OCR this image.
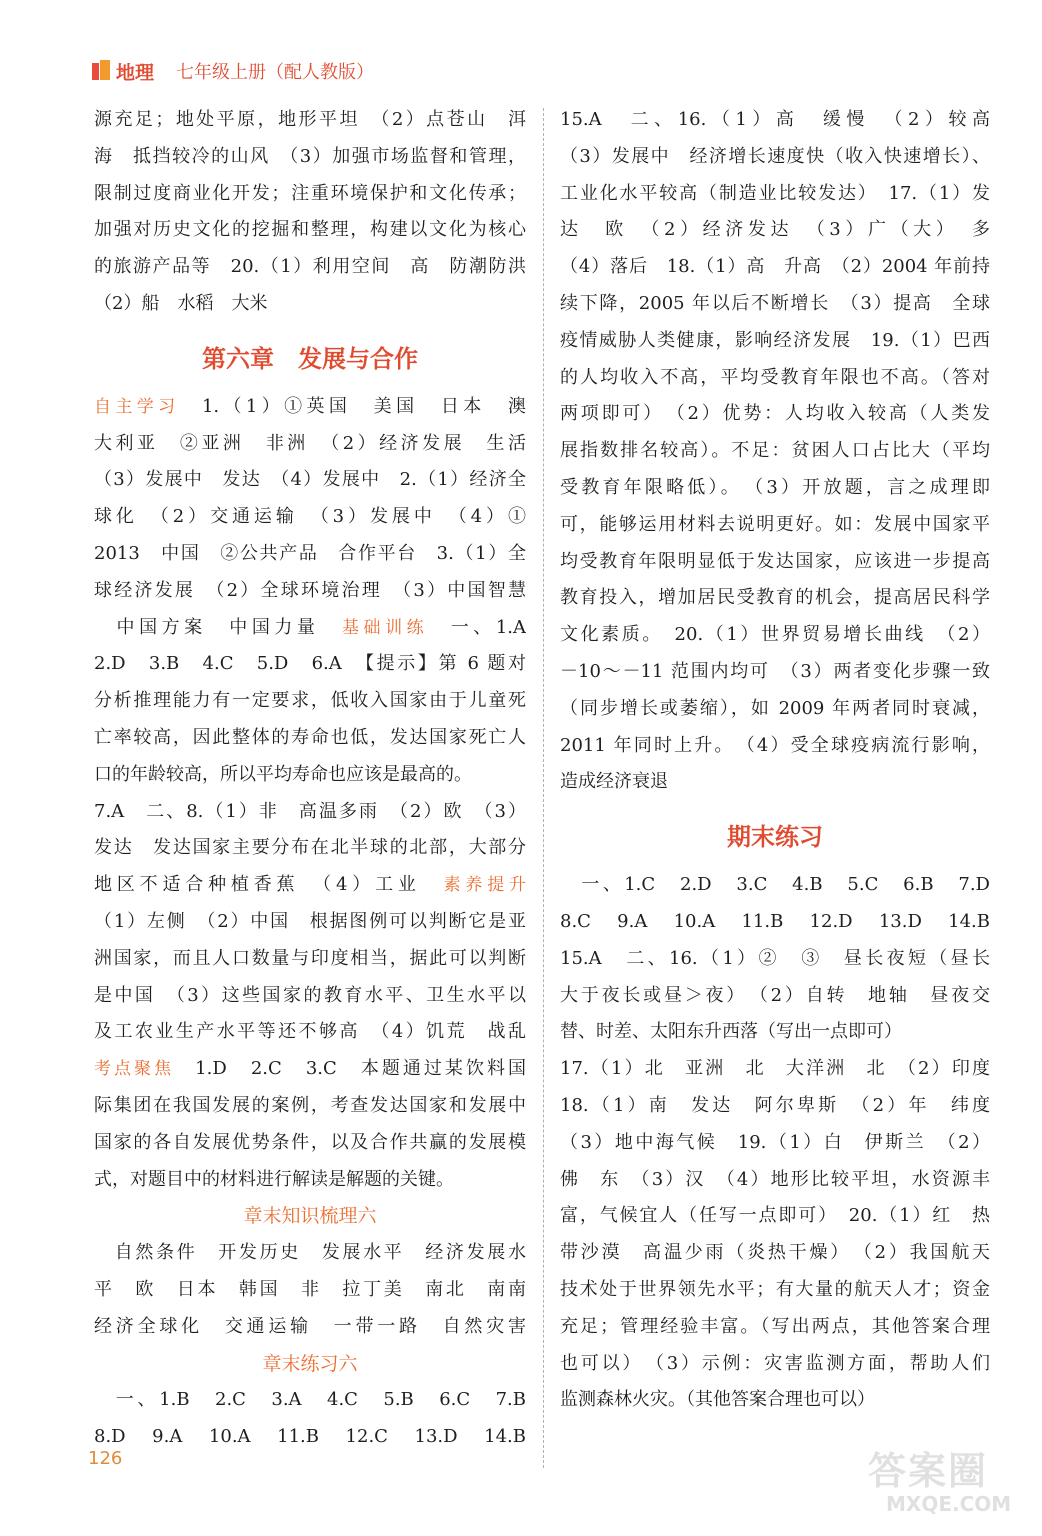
地理 七年级上册（配人教版）

源充足；地处平原，地形平坦　（2）点苍山　洱

海　抵挡较冷的山风　（3）加强市场监督和管理，

限制过度商业化开发；注重环境保护和文化传承；

加强对历史文化的挖掘和整理，构建以文化为核心

的旅游产品等　20.（1）利用空间　高　防潮防洪

（2）船　水稻　大米

第六章　发展与合作

自主学习　1.（1）①英国　美国　日本　澳

大利亚　②亚洲　非洲　（2）经济发展　生活

（3）发展中　发达　（4）发展中　2.（1）经济全

球化　（2）交通运输　（3）发展中　（4）①

2013　中国　②公共产品　合作平台　3.（1）全

球经济发展　（2）全球环境治理　（3）中国智慧

　中国方案　中国力量　 基础训练　一、1.A

2.D　3.B　4.C　5.D　6.A　【提示】第 6 题对

分析推理能力有一定要求，低收入国家由于儿童死

亡率较高，因此整体的寿命也低，发达国家死亡人

口的年龄较高，所以平均寿命也应该是最高的。

7.A　二、8.（1）非　高温多雨　（2）欧　（3）

发达　发达国家主要分布在北半球的北部，大部分

地区不适合种植香蕉　（4）工业　 素养提升

（1）左侧　（2）中国　根据图例可以判断它是亚

洲国家，而且人口数量与印度相当，据此可以判断

是中国　（3）这些国家的教育水平、卫生水平以

及工农业生产水平等还不够高　（4）饥荒　战乱

考点聚焦　1.D　2.C　3.C　本题通过某饮料国

际集团在我国发展的案例，考查发达国家和发展中

国家的各自发展优势条件，以及合作共赢的发展模

式，对题目中的材料进行解读是解题的关键。

章末知识梳理六

　自然条件　开发历史　发展水平　经济发展水

平　欧　日本　韩国　非　拉丁美　南北　南南

经济全球化　交通运输　一带一路　自然灾害

章末练习六

　一、1.B　2.C　3.A　4.C　5.B　6.C　7.B

8.D　9.A　10.A　11.B　12.C　13.D　14.B

15.A　二、16.（1）高　缓慢　（2）较高

（3）发展中　经济增长速度快（收入快速增长）、

工业化水平较高（制造业比较发达）　17.（1）发

达　欧　（2）经济发达　（3）广（大）　多

（4）落后　18.（1）高　升高　（2）2004 年前持

续下降，2005 年以后不断增长　（3）提高　全球

疫情威胁人类健康，影响经济发展　19.（1）巴西

的人均收入不高，平均受教育年限也不高。（答对

两项即可）　（2）优势：人均收入较高（人类发

展指数排名较高）。不足：贫困人口占比大（平均

受教育年限略低）。　（3）开放题，言之成理即

可，能够运用材料去说明更好。如：发展中国家平

均受教育年限明显低于发达国家，应该进一步提高

教育投入，增加居民受教育的机会，提高居民科学

文化素质。　20.（1）世界贸易增长曲线　（2）

－10～－11 范围内均可　（3）两者变化步骤一致

（同步增长或萎缩），如 2009 年两者同时衰减，

2011 年同时上升。　（4）受全球疫病流行影响，

造成经济衰退

期末练习

　一、1.C　2.D　3.C　4.B　5.C　6.B　7.D

8.C　9.A　10.A　11.B　12.D　13.D　14.B

15.A　二、16.（1）②　③　昼长夜短（昼长

大于夜长或昼＞夜）　（2）自转　地轴　昼夜交

替、时差、太阳东升西落（写出一点即可）

17.（1）北　亚洲　北　大洋洲　北　（2）印度

18.（1）南　发达　阿尔卑斯　（2）年　纬度

（3）地中海气候　19.（1）白　伊斯兰　（2）

佛　东　（3）汉　（4）地形比较平坦，水资源丰

富，气候宜人（任写一点即可）　20.（1）红　热

带沙漠　高温少雨（炎热干燥）　（2）我国航天

技术处于世界领先水平；有大量的航天人才；资金

充足；管理经验丰富。（写出两点，其他答案合理

也可以）　（3）示例：灾害监测方面，帮助人们

监测森林火灾。（其他答案合理也可以）

126	答案圈
MXQE.COM
